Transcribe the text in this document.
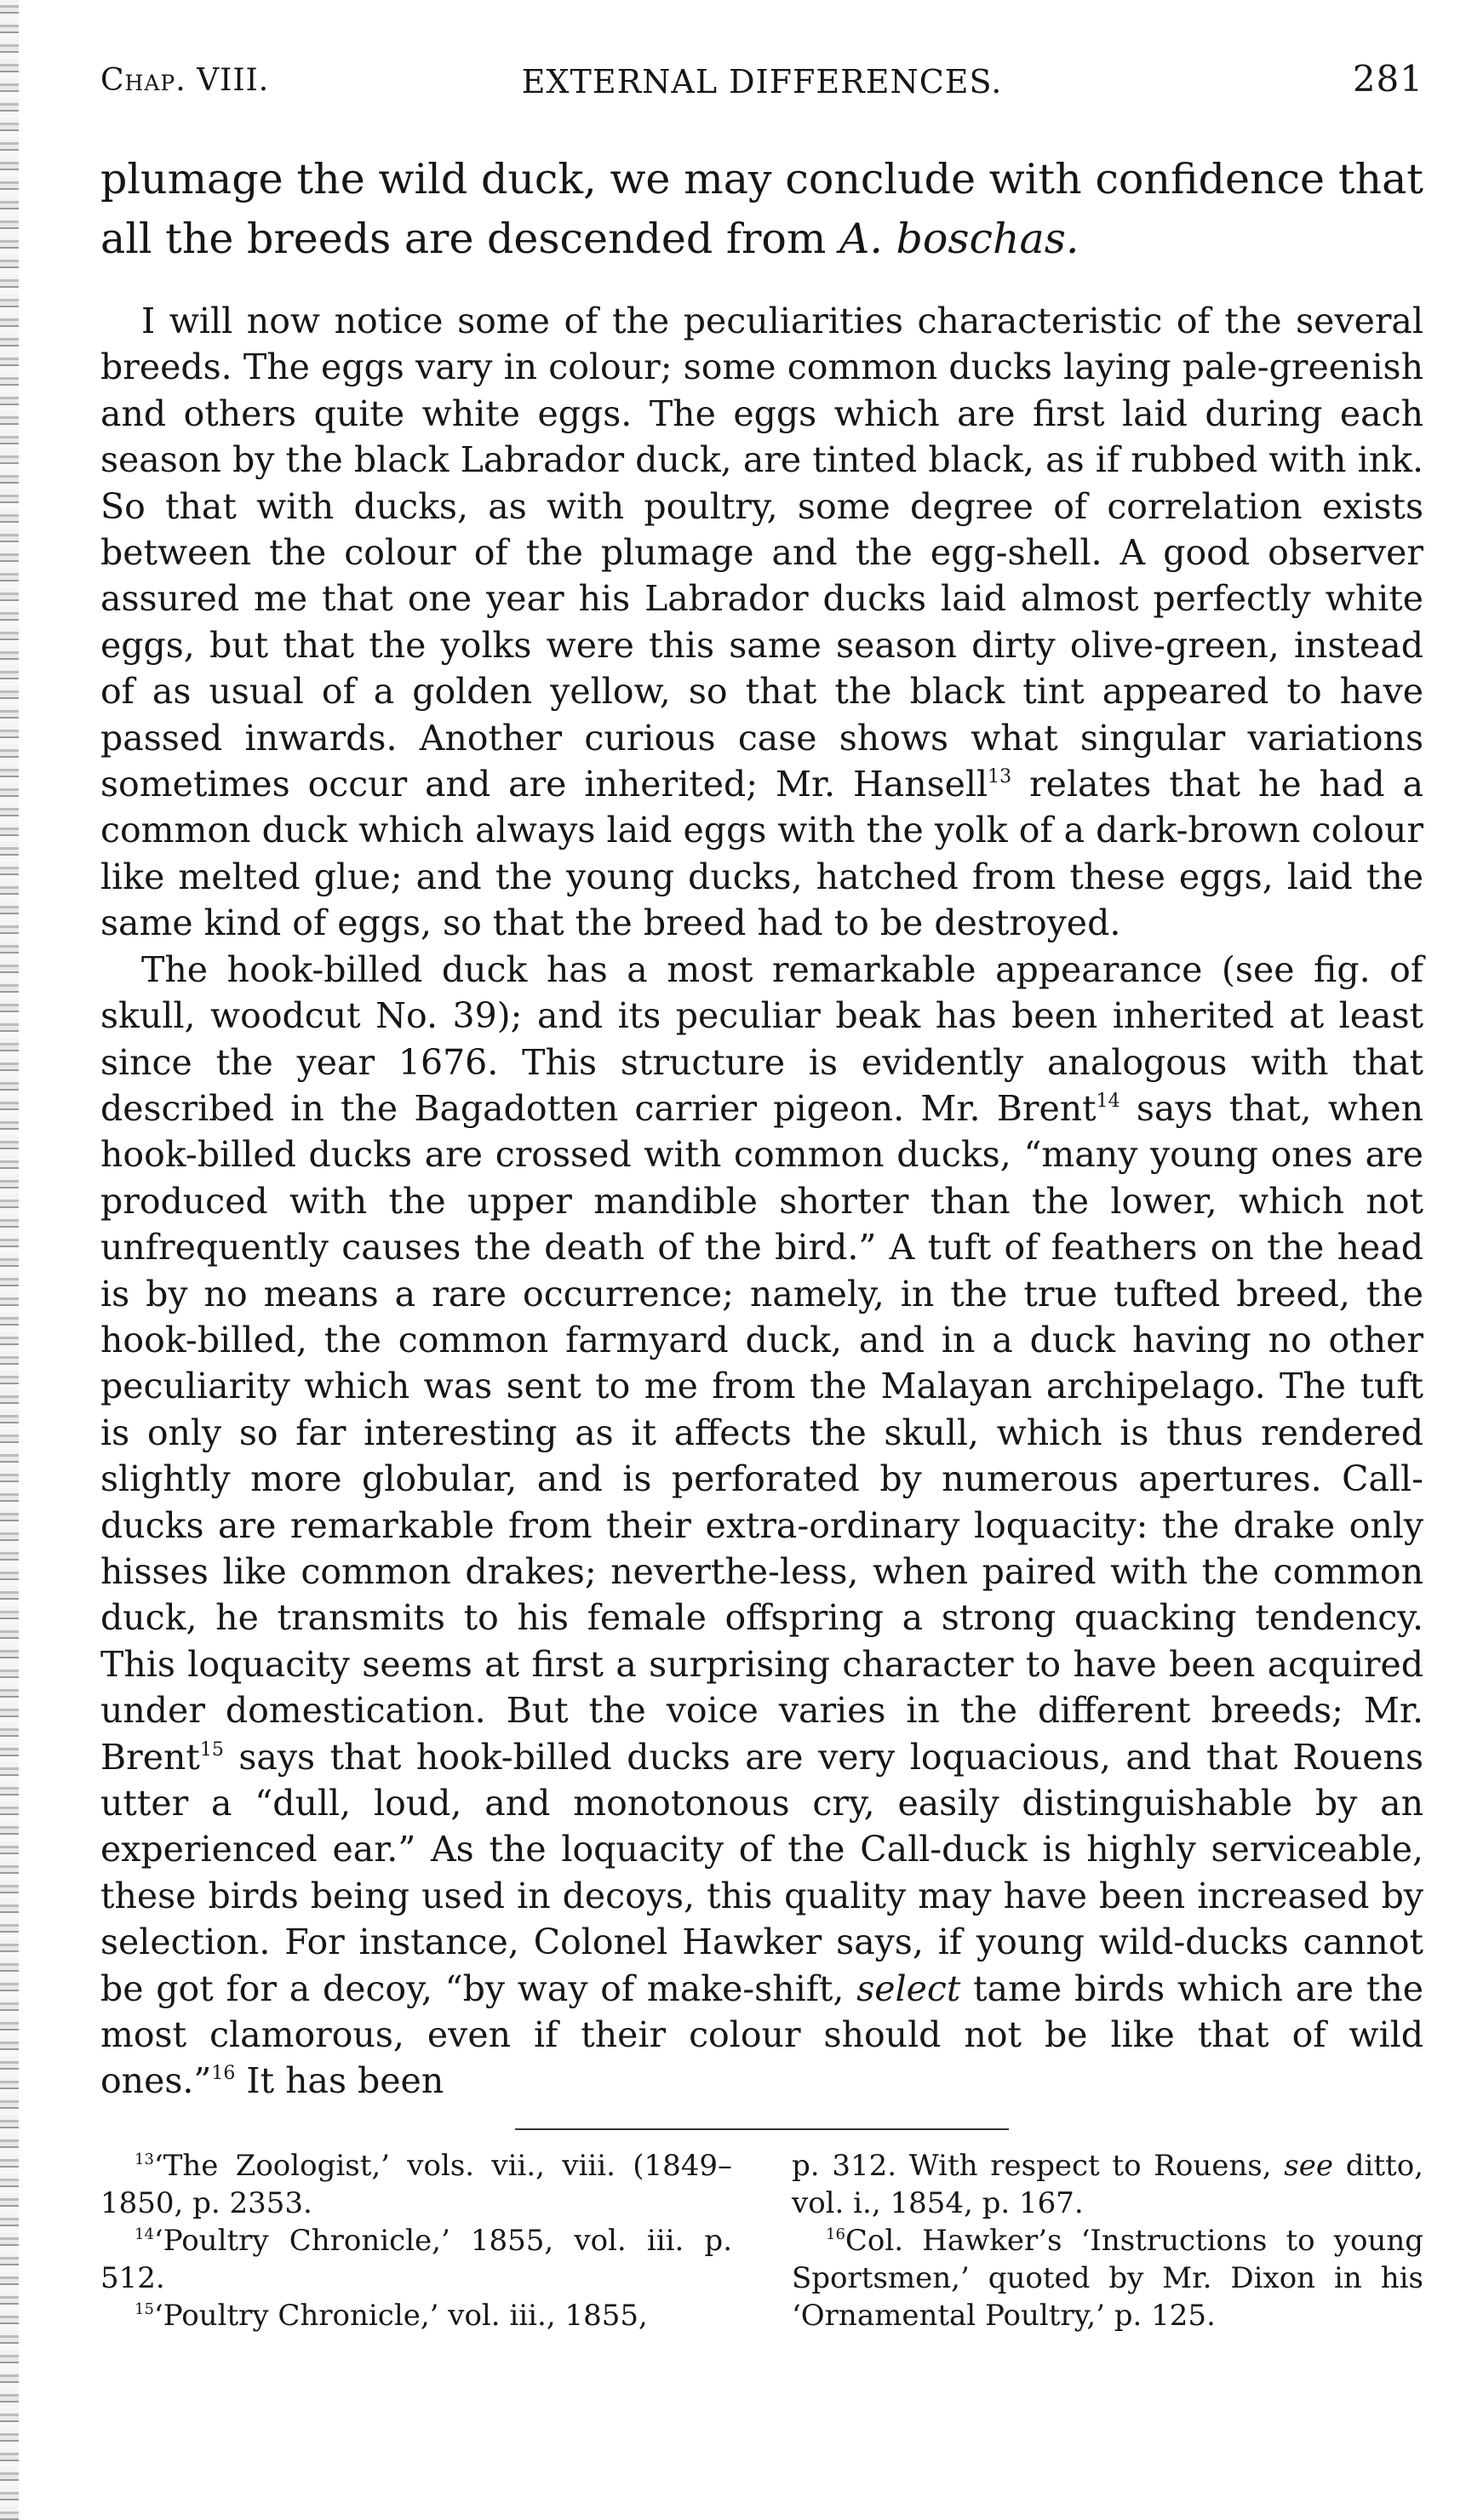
Chap. VIII.	EXTERNAL DIFFERENCES.	281
plumage the wild duck, we may conclude with confidence that all the breeds are descended from A. boschas.

I will now notice some of the peculiarities characteristic of the several breeds. The eggs vary in colour; some common ducks laying pale-greenish and others quite white eggs. The eggs which are first laid during each season by the black Labrador duck, are tinted black, as if rubbed with ink. So that with ducks, as with poultry, some degree of correlation exists between the colour of the plumage and the egg-shell. A good observer assured me that one year his Labrador ducks laid almost perfectly white eggs, but that the yolks were this same season dirty olive-green, instead of as usual of a golden yellow, so that the black tint appeared to have passed inwards. Another curious case shows what singular variations sometimes occur and are inherited; Mr. Hansell$^{13}$ relates that he had a common duck which always laid eggs with the yolk of a dark-brown colour like melted glue; and the young ducks, hatched from these eggs, laid the same kind of eggs, so that the breed had to be destroyed.

The hook-billed duck has a most remarkable appearance (see fig. of skull, woodcut No. 39); and its peculiar beak has been inherited at least since the year 1676. This structure is evidently analogous with that described in the Bagadotten carrier pigeon. Mr. Brent$^{14}$ says that, when hook-billed ducks are crossed with common ducks, “many young ones are produced with the upper mandible shorter than the lower, which not unfrequently causes the death of the bird.” A tuft of feathers on the head is by no means a rare occurrence; namely, in the true tufted breed, the hook-billed, the common farmyard duck, and in a duck having no other peculiarity which was sent to me from the Malayan archipelago. The tuft is only so far interesting as it affects the skull, which is thus rendered slightly more globular, and is perforated by numerous apertures. Call-ducks are remarkable from their extra-ordinary loquacity: the drake only hisses like common drakes; neverthe-less, when paired with the common duck, he transmits to his female offspring a strong quacking tendency. This loquacity seems at first a surprising character to have been acquired under domestication. But the voice varies in the different breeds; Mr. Brent$^{15}$ says that hook-billed ducks are very loquacious, and that Rouens utter a “dull, loud, and monotonous cry, easily distinguishable by an experienced ear.” As the loquacity of the Call-duck is highly serviceable, these birds being used in decoys, this quality may have been increased by selection. For instance, Colonel Hawker says, if young wild-ducks cannot be got for a decoy, “by way of make-shift, select tame birds which are the most clamorous, even if their colour should not be like that of wild ones.”$^{16}$ It has been

$^{13}$‘The Zoologist,’ vols. vii., viii. (1849–1850, p. 2353.

$^{14}$‘Poultry Chronicle,’ 1855, vol. iii. p. 512.

$^{15}$‘Poultry Chronicle,’ vol. iii., 1855,

p. 312. With respect to Rouens, see ditto, vol. i., 1854, p. 167.

$^{16}$Col. Hawker’s ‘Instructions to young Sportsmen,’ quoted by Mr. Dixon in his ‘Ornamental Poultry,’ p. 125.
